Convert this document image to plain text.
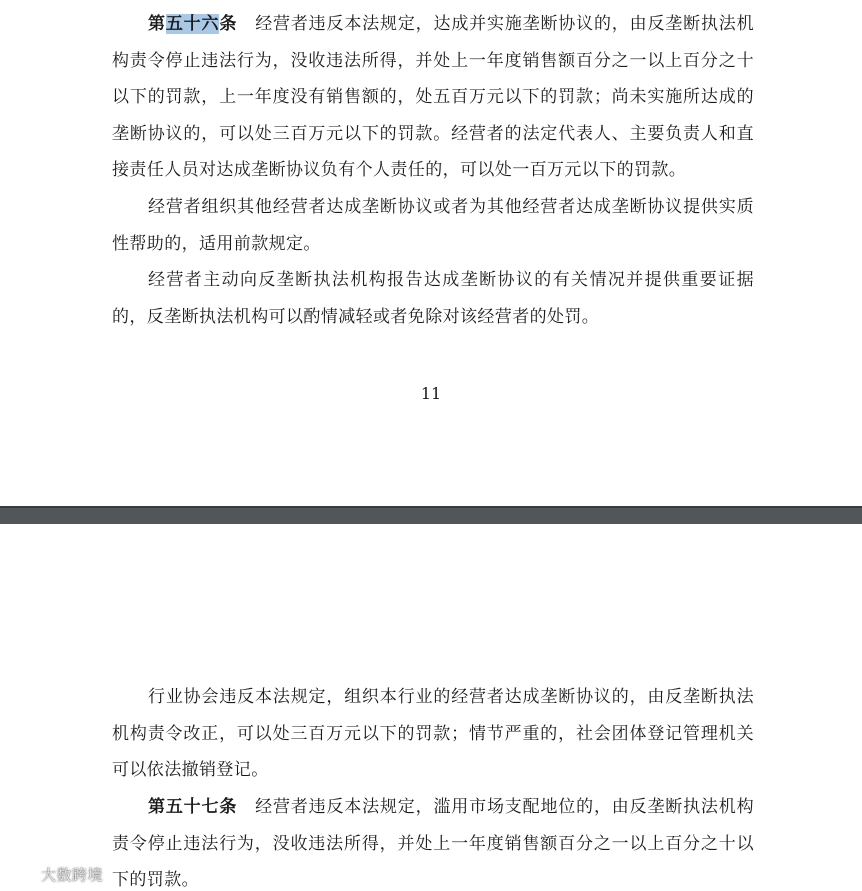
第五十六条 经营者违反本法规定，达成并实施垄断协议的，由反垄断执法机构责令停止违法行为，没收违法所得，并处上一年度销售额百分之一以上百分之十以下的罚款，上一年度没有销售额的，处五百万元以下的罚款；尚未实施所达成的垄断协议的，可以处三百万元以下的罚款。经营者的法定代表人、主要负责人和直接责任人员对达成垄断协议负有个人责任的，可以处一百万元以下的罚款。

经营者组织其他经营者达成垄断协议或者为其他经营者达成垄断协议提供实质性帮助的，适用前款规定。

经营者主动向反垄断执法机构报告达成垄断协议的有关情况并提供重要证据的，反垄断执法机构可以酌情减轻或者免除对该经营者的处罚。

11

行业协会违反本法规定，组织本行业的经营者达成垄断协议的，由反垄断执法机构责令改正，可以处三百万元以下的罚款；情节严重的，社会团体登记管理机关可以依法撤销登记。

第五十七条 经营者违反本法规定，滥用市场支配地位的，由反垄断执法机构责令停止违法行为，没收违法所得，并处上一年度销售额百分之一以上百分之十以下的罚款。

大数跨境
